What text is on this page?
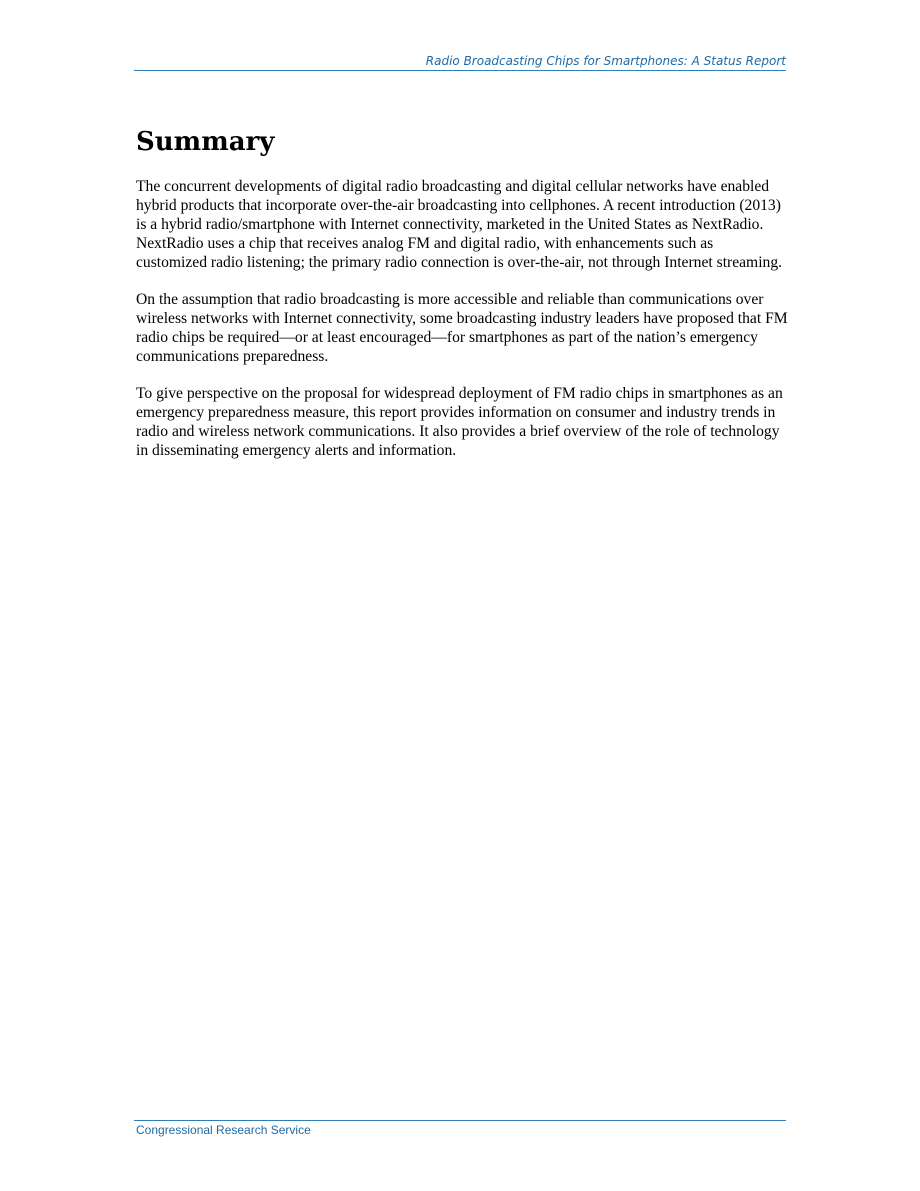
Radio Broadcasting Chips for Smartphones: A Status Report
Summary

The concurrent developments of digital radio broadcasting and digital cellular networks have enabled hybrid products that incorporate over-the-air broadcasting into cellphones. A recent introduction (2013) is a hybrid radio/smartphone with Internet connectivity, marketed in the United States as NextRadio. NextRadio uses a chip that receives analog FM and digital radio, with enhancements such as customized radio listening; the primary radio connection is over-the-air, not through Internet streaming.

On the assumption that radio broadcasting is more accessible and reliable than communications over wireless networks with Internet connectivity, some broadcasting industry leaders have proposed that FM radio chips be required—or at least encouraged—for smartphones as part of the nation’s emergency communications preparedness.

To give perspective on the proposal for widespread deployment of FM radio chips in smartphones as an emergency preparedness measure, this report provides information on consumer and industry trends in radio and wireless network communications. It also provides a brief overview of the role of technology in disseminating emergency alerts and information.

Congressional Research Service
